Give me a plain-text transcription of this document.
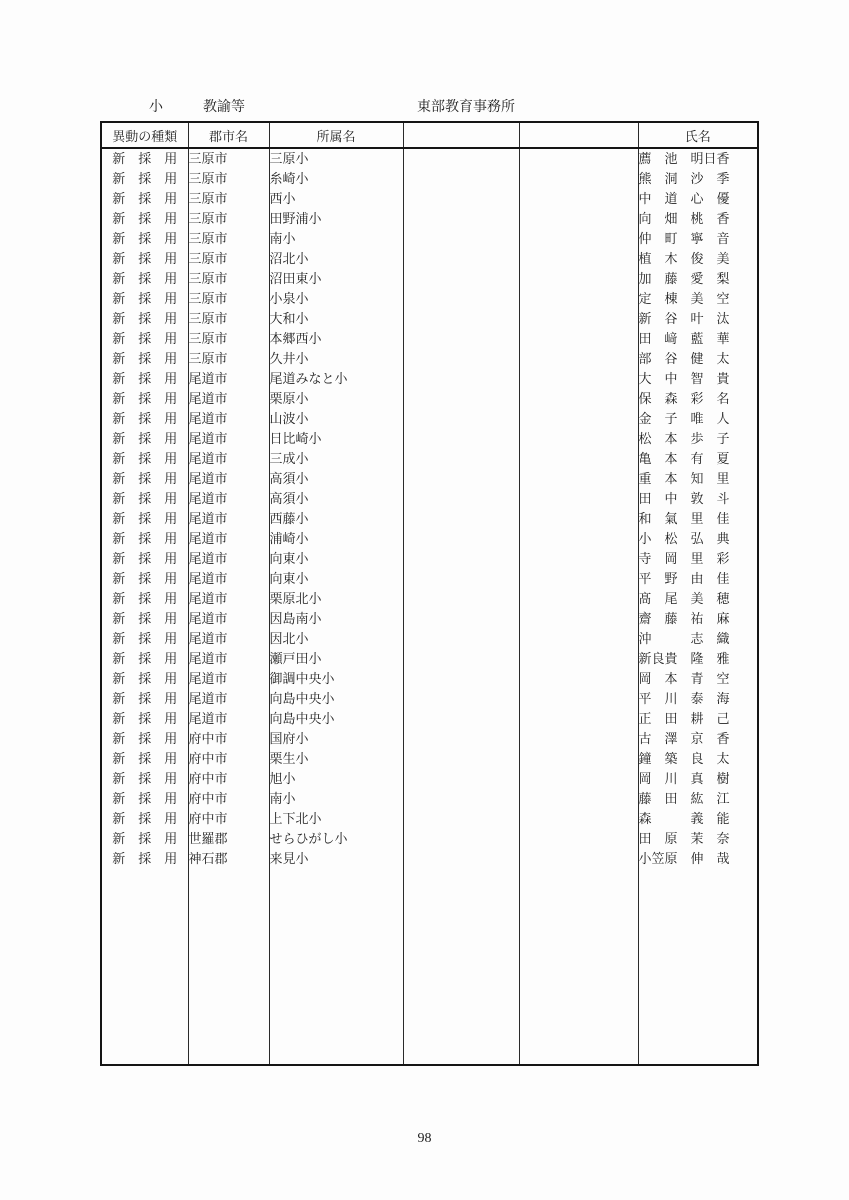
小	教諭等	東部教育事務所
異動の種類	郡市名	所属名			氏名
新　採　用	三原市	三原小			薦　池　明日香
新　採　用	三原市	糸崎小			熊　洞　沙　季
新　採　用	三原市	西小			中　道　心　優
新　採　用	三原市	田野浦小			向　畑　桃　香
新　採　用	三原市	南小			仲　町　寧　音
新　採　用	三原市	沼北小			植　木　俊　美
新　採　用	三原市	沼田東小			加　藤　愛　梨
新　採　用	三原市	小泉小			定　棟　美　空
新　採　用	三原市	大和小			新　谷　叶　汰
新　採　用	三原市	本郷西小			田　﨑　藍　華
新　採　用	三原市	久井小			部　谷　健　太
新　採　用	尾道市	尾道みなと小			大　中　智　貴
新　採　用	尾道市	栗原小			保　森　彩　名
新　採　用	尾道市	山波小			金　子　唯　人
新　採　用	尾道市	日比崎小			松　本　歩　子
新　採　用	尾道市	三成小			亀　本　有　夏
新　採　用	尾道市	高須小			重　本　知　里
新　採　用	尾道市	高須小			田　中　敦　斗
新　採　用	尾道市	西藤小			和　氣　里　佳
新　採　用	尾道市	浦崎小			小　松　弘　典
新　採　用	尾道市	向東小			寺　岡　里　彩
新　採　用	尾道市	向東小			平　野　由　佳
新　採　用	尾道市	栗原北小			髙　尾　美　穂
新　採　用	尾道市	因島南小			齋　藤　祐　麻
新　採　用	尾道市	因北小			沖　　　志　織
新　採　用	尾道市	瀬戸田小			新良貴　隆　雅
新　採　用	尾道市	御調中央小			岡　本　青　空
新　採　用	尾道市	向島中央小			平　川　泰　海
新　採　用	尾道市	向島中央小			正　田　耕　己
新　採　用	府中市	国府小			古　澤　京　香
新　採　用	府中市	栗生小			鐘　築　良　太
新　採　用	府中市	旭小			岡　川　真　樹
新　採　用	府中市	南小			藤　田　紘　江
新　採　用	府中市	上下北小			森　　　義　能
新　採　用	世羅郡	せらひがし小			田　原　茉　奈
新　採　用	神石郡	来見小			小笠原　伸　哉

98
